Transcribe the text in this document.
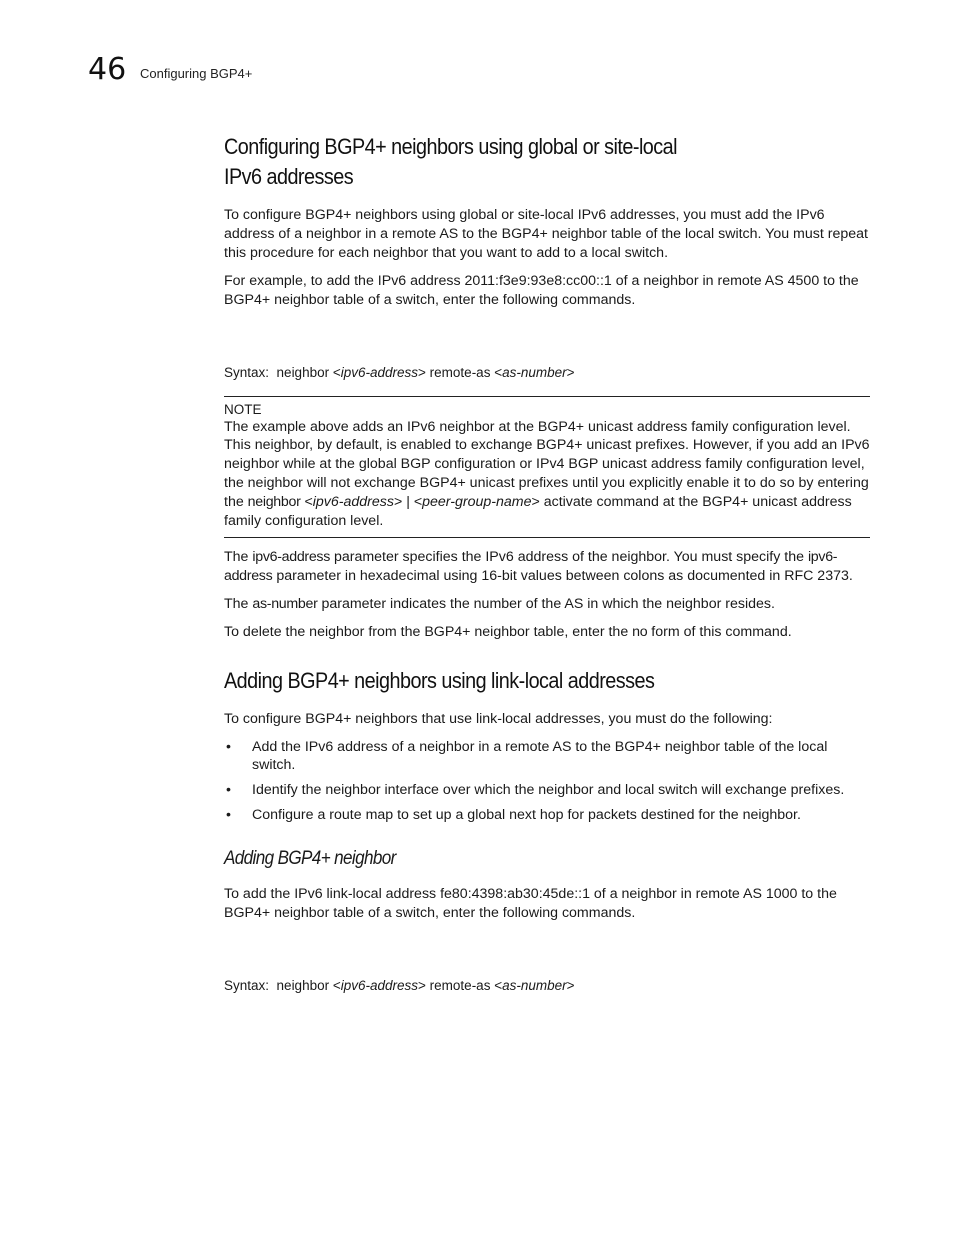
46 Configuring BGP4+
Configuring BGP4+ neighbors using global or site-local
IPv6 addresses

To configure BGP4+ neighbors using global or site-local IPv6 addresses, you must add the IPv6 address of a neighbor in a remote AS to the BGP4+ neighbor table of the local switch. You must repeat this procedure for each neighbor that you want to add to a local switch.

For example, to add the IPv6 address 2011:f3e9:93e8:cc00::1 of a neighbor in remote AS 4500 to the BGP4+ neighbor table of a switch, enter the following commands.

Syntax: neighbor <ipv6-address> remote-as <as-number>
NOTE

The example above adds an IPv6 neighbor at the BGP4+ unicast address family configuration level. This neighbor, by default, is enabled to exchange BGP4+ unicast prefixes. However, if you add an IPv6 neighbor while at the global BGP configuration or IPv4 BGP unicast address family configuration level, the neighbor will not exchange BGP4+ unicast prefixes until you explicitly enable it to do so by entering the neighbor <ipv6-address> | <peer-group-name> activate command at the BGP4+ unicast address family configuration level.

The ipv6-address parameter specifies the IPv6 address of the neighbor. You must specify the ipv6-address parameter in hexadecimal using 16-bit values between colons as documented in RFC 2373.

The as-number parameter indicates the number of the AS in which the neighbor resides.

To delete the neighbor from the BGP4+ neighbor table, enter the no form of this command.

Adding BGP4+ neighbors using link-local addresses

To configure BGP4+ neighbors that use link-local addresses, you must do the following:

• Add the IPv6 address of a neighbor in a remote AS to the BGP4+ neighbor table of the local switch.
• Identify the neighbor interface over which the neighbor and local switch will exchange prefixes.
• Configure a route map to set up a global next hop for packets destined for the neighbor.
Adding BGP4+ neighbor

To add the IPv6 link-local address fe80:4398:ab30:45de::1 of a neighbor in remote AS 1000 to the BGP4+ neighbor table of a switch, enter the following commands.

Syntax: neighbor <ipv6-address> remote-as <as-number>
